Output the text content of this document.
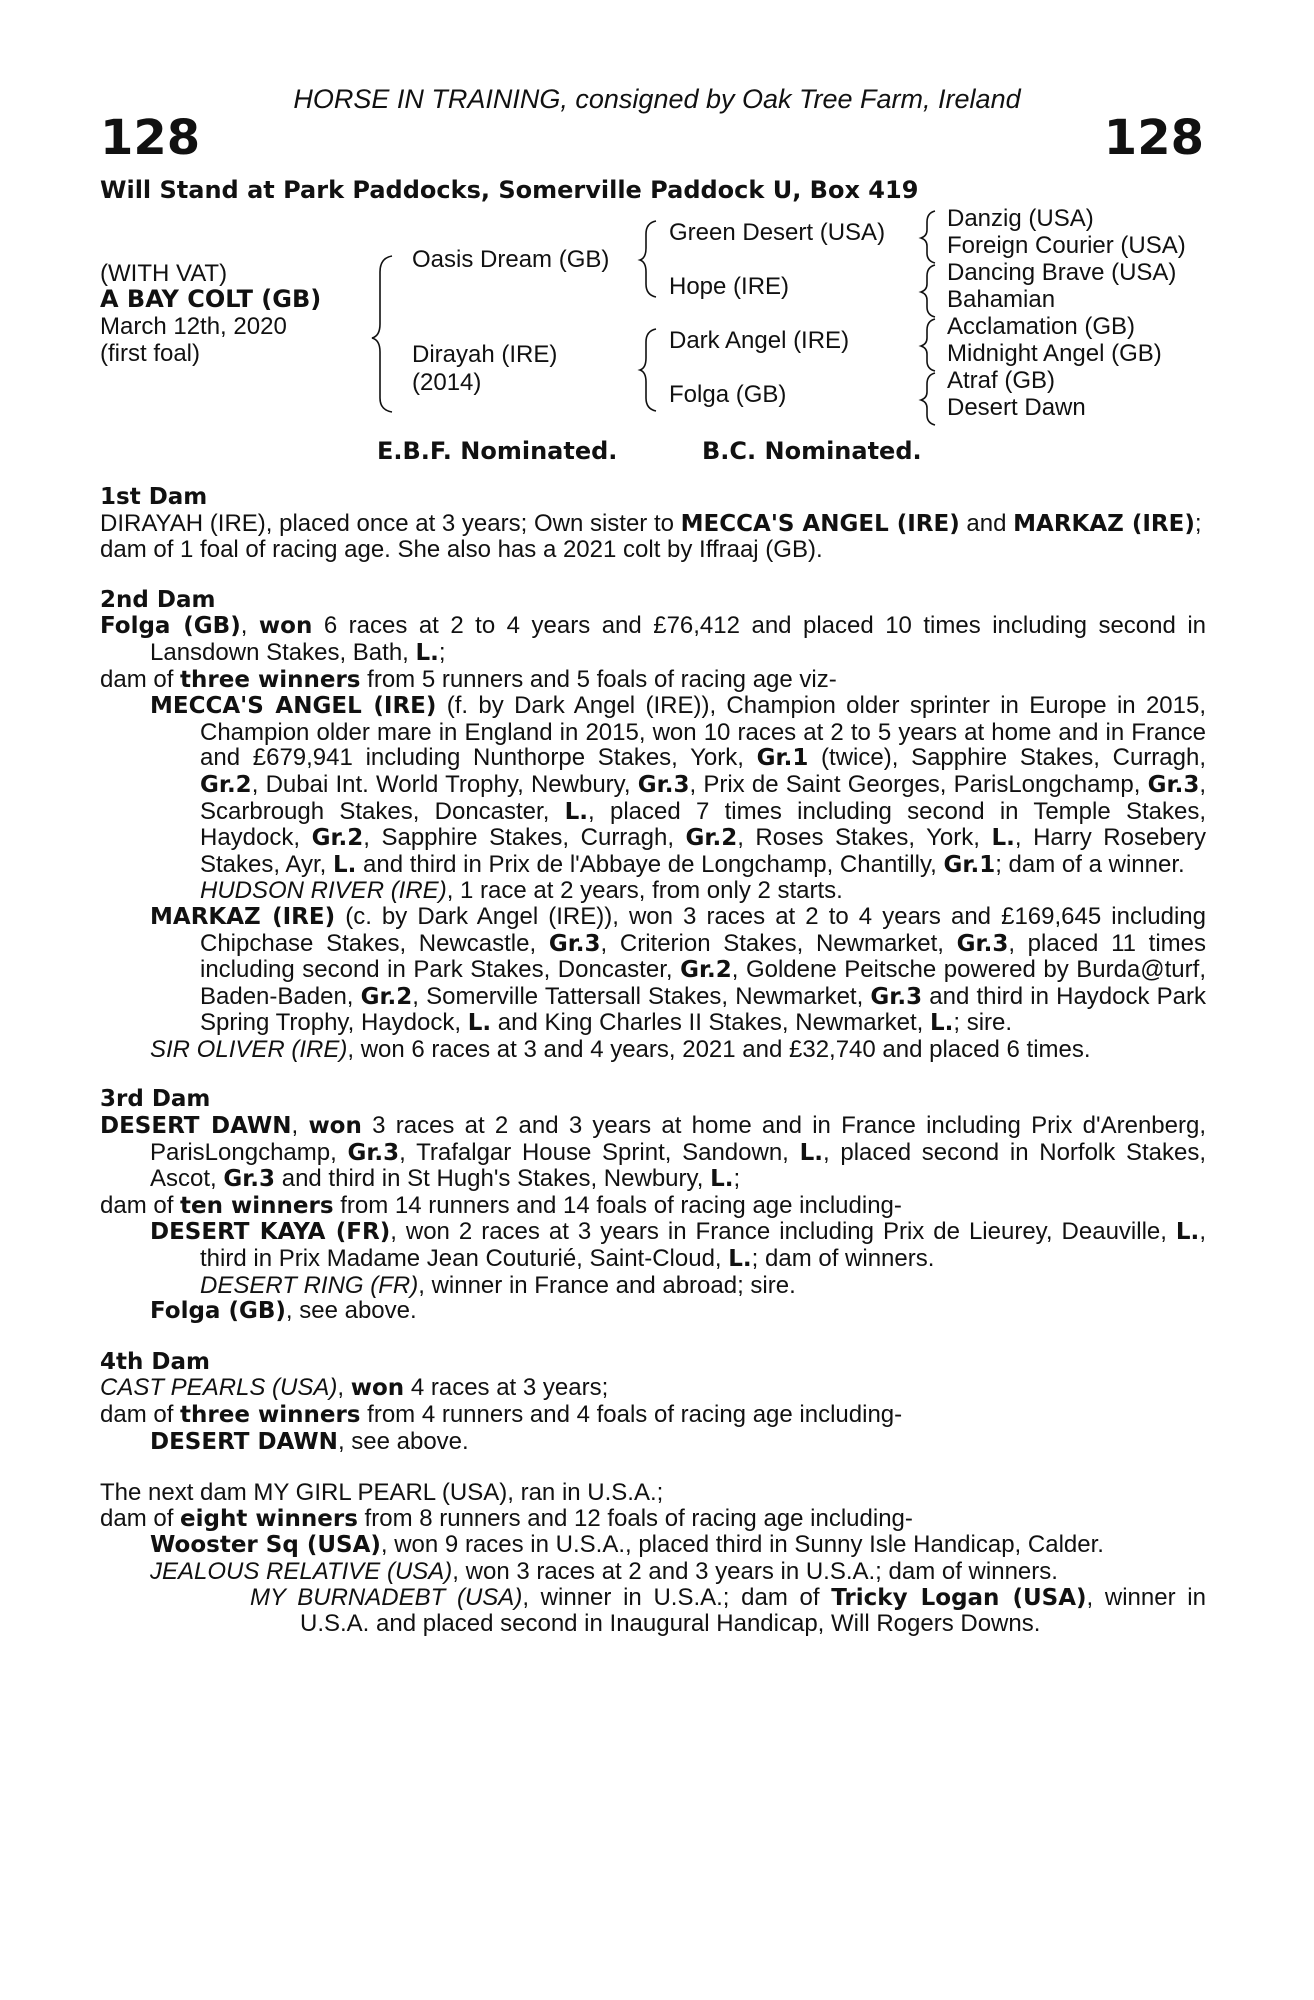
HORSE IN TRAINING, consigned by Oak Tree Farm, Ireland
128	128
Will Stand at Park Paddocks, Somerville Paddock U, Box 419
(WITH VAT)
A BAY COLT (GB)
March 12th, 2020
(first foal)
Oasis Dream (GB)
Dirayah (IRE)
(2014)
Green Desert (USA)
Hope (IRE)
Dark Angel (IRE)
Folga (GB)
Danzig (USA)
Foreign Courier (USA)
Dancing Brave (USA)
Bahamian
Acclamation (GB)
Midnight Angel (GB)
Atraf (GB)
Desert Dawn
E.B.F. Nominated.	B.C. Nominated.

1st Dam

DIRAYAH (IRE), placed once at 3 years; Own sister to MECCA'S ANGEL (IRE) and MARKAZ (IRE);

dam of 1 foal of racing age. She also has a 2021 colt by Iffraaj (GB).

2nd Dam

Folga (GB), won 6 races at 2 to 4 years and £76,412 and placed 10 times including second in Lansdown Stakes, Bath, L.;

dam of three winners from 5 runners and 5 foals of racing age viz-

MECCA'S ANGEL (IRE) (f. by Dark Angel (IRE)), Champion older sprinter in Europe in 2015, Champion older mare in England in 2015, won 10 races at 2 to 5 years at home and in France and £679,941 including Nunthorpe Stakes, York, Gr.1 (twice), Sapphire Stakes, Curragh, Gr.2, Dubai Int. World Trophy, Newbury, Gr.3, Prix de Saint Georges, ParisLongchamp, Gr.3, Scarbrough Stakes, Doncaster, L., placed 7 times including second in Temple Stakes, Haydock, Gr.2, Sapphire Stakes, Curragh, Gr.2, Roses Stakes, York, L., Harry Rosebery Stakes, Ayr, L. and third in Prix de l'Abbaye de Longchamp, Chantilly, Gr.1; dam of a winner.

HUDSON RIVER (IRE), 1 race at 2 years, from only 2 starts.

MARKAZ (IRE) (c. by Dark Angel (IRE)), won 3 races at 2 to 4 years and £169,645 including Chipchase Stakes, Newcastle, Gr.3, Criterion Stakes, Newmarket, Gr.3, placed 11 times including second in Park Stakes, Doncaster, Gr.2, Goldene Peitsche powered by Burda@turf, Baden-Baden, Gr.2, Somerville Tattersall Stakes, Newmarket, Gr.3 and third in Haydock Park Spring Trophy, Haydock, L. and King Charles II Stakes, Newmarket, L.; sire.

SIR OLIVER (IRE), won 6 races at 3 and 4 years, 2021 and £32,740 and placed 6 times.

3rd Dam

DESERT DAWN, won 3 races at 2 and 3 years at home and in France including Prix d'Arenberg, ParisLongchamp, Gr.3, Trafalgar House Sprint, Sandown, L., placed second in Norfolk Stakes, Ascot, Gr.3 and third in St Hugh's Stakes, Newbury, L.;

dam of ten winners from 14 runners and 14 foals of racing age including-

DESERT KAYA (FR), won 2 races at 3 years in France including Prix de Lieurey, Deauville, L., third in Prix Madame Jean Couturié, Saint-Cloud, L.; dam of winners.

DESERT RING (FR), winner in France and abroad; sire.

Folga (GB), see above.

4th Dam

CAST PEARLS (USA), won 4 races at 3 years;

dam of three winners from 4 runners and 4 foals of racing age including-

DESERT DAWN, see above.

The next dam MY GIRL PEARL (USA), ran in U.S.A.;

dam of eight winners from 8 runners and 12 foals of racing age including-

Wooster Sq (USA), won 9 races in U.S.A., placed third in Sunny Isle Handicap, Calder.

JEALOUS RELATIVE (USA), won 3 races at 2 and 3 years in U.S.A.; dam of winners.

MY BURNADEBT (USA), winner in U.S.A.; dam of Tricky Logan (USA), winner in U.S.A. and placed second in Inaugural Handicap, Will Rogers Downs.
